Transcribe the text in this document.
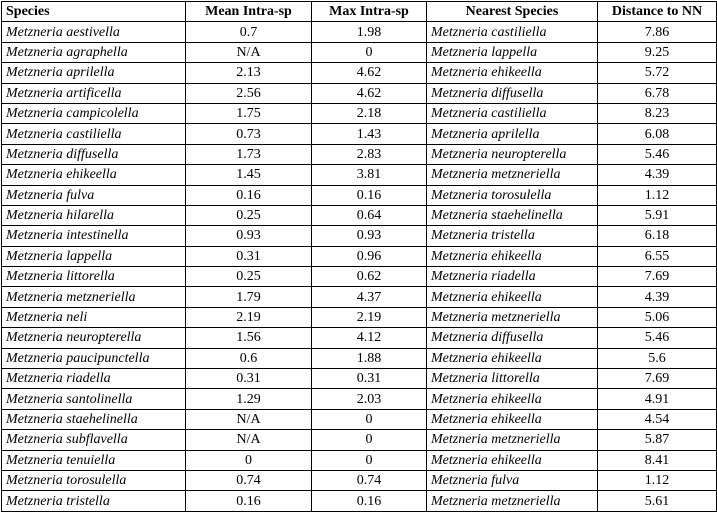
Species	Mean Intra-sp	Max Intra-sp	Nearest Species	Distance to NN
Metzneria aestivella	0.7	1.98	Metzneria castiliella	7.86
Metzneria agraphella	N/A	0	Metzneria lappella	9.25
Metzneria aprilella	2.13	4.62	Metzneria ehikeella	5.72
Metzneria artificella	2.56	4.62	Metzneria diffusella	6.78
Metzneria campicolella	1.75	2.18	Metzneria castiliella	8.23
Metzneria castiliella	0.73	1.43	Metzneria aprilella	6.08
Metzneria diffusella	1.73	2.83	Metzneria neuropterella	5.46
Metzneria ehikeella	1.45	3.81	Metzneria metzneriella	4.39
Metzneria fulva	0.16	0.16	Metzneria torosulella	1.12
Metzneria hilarella	0.25	0.64	Metzneria staehelinella	5.91
Metzneria intestinella	0.93	0.93	Metzneria tristella	6.18
Metzneria lappella	0.31	0.96	Metzneria ehikeella	6.55
Metzneria littorella	0.25	0.62	Metzneria riadella	7.69
Metzneria metzneriella	1.79	4.37	Metzneria ehikeella	4.39
Metzneria neli	2.19	2.19	Metzneria metzneriella	5.06
Metzneria neuropterella	1.56	4.12	Metzneria diffusella	5.46
Metzneria paucipunctella	0.6	1.88	Metzneria ehikeella	5.6
Metzneria riadella	0.31	0.31	Metzneria littorella	7.69
Metzneria santolinella	1.29	2.03	Metzneria ehikeella	4.91
Metzneria staehelinella	N/A	0	Metzneria ehikeella	4.54
Metzneria subflavella	N/A	0	Metzneria metzneriella	5.87
Metzneria tenuiella	0	0	Metzneria ehikeella	8.41
Metzneria torosulella	0.74	0.74	Metzneria fulva	1.12
Metzneria tristella	0.16	0.16	Metzneria metzneriella	5.61
